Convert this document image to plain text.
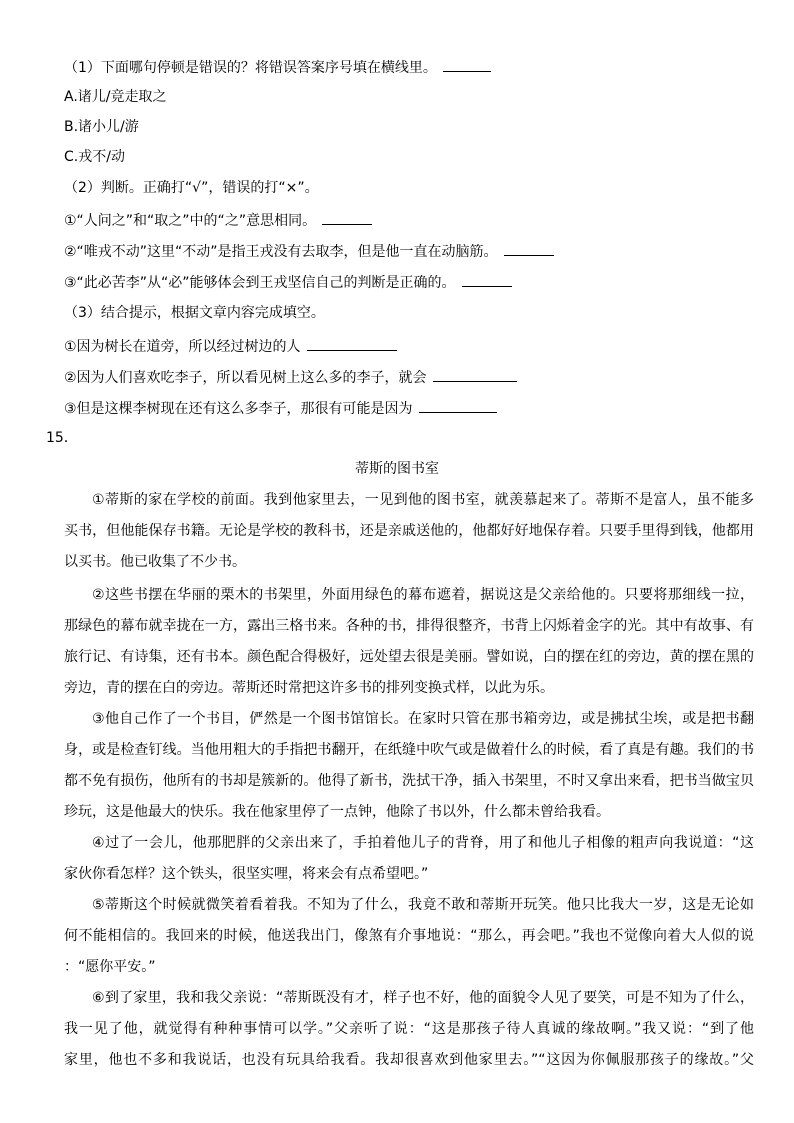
（1）下面哪句停顿是错误的？将错误答案序号填在横线里。
A.诸儿/竞走取之
B.诸小儿/游
C.戎不/动
（2）判断。正确打“√”，错误的打“×”。
①“人问之”和“取之”中的“之”意思相同。
②“唯戎不动”这里“不动”是指王戎没有去取李，但是他一直在动脑筋。
③“此必苦李”从“必”能够体会到王戎坚信自己的判断是正确的。
（3）结合提示，根据文章内容完成填空。
①因为树长在道旁，所以经过树边的人
②因为人们喜欢吃李子，所以看见树上这么多的李子，就会
③但是这棵李树现在还有这么多李子，那很有可能是因为
15．
蒂斯的图书室
①蒂斯的家在学校的前面。我到他家里去，一见到他的图书室，就羡慕起来了。蒂斯不是富人，虽不能多
买书，但他能保存书籍。无论是学校的教科书，还是亲戚送他的，他都好好地保存着。只要手里得到钱，他都用
以买书。他已收集了不少书。
②这些书摆在华丽的栗木的书架里，外面用绿色的幕布遮着，据说这是父亲给他的。只要将那细线一拉，
那绿色的幕布就幸拢在一方，露出三格书来。各种的书，排得很整齐，书背上闪烁着金字的光。其中有故事、有
旅行记、有诗集，还有书本。颜色配合得极好，远处望去很是美丽。譬如说，白的摆在红的旁边，黄的摆在黑的
旁边，青的摆在白的旁边。蒂斯还时常把这许多书的排列变换式样，以此为乐。
③他自己作了一个书目，俨然是一个图书馆馆长。在家时只管在那书箱旁边，或是拂拭尘埃，或是把书翻
身，或是检查钉线。当他用粗大的手指把书翻开，在纸缝中吹气或是做着什么的时候，看了真是有趣。我们的书
都不免有损伤，他所有的书却是簇新的。他得了新书，洗拭干净，插入书架里，不时又拿出来看，把书当做宝贝
珍玩，这是他最大的快乐。我在他家里停了一点钟，他除了书以外，什么都未曾给我看。
④过了一会儿，他那肥胖的父亲出来了，手拍着他儿子的背脊，用了和他儿子相像的粗声向我说道：“这
家伙你看怎样？这个铁头，很坚实哩，将来会有点希望吧。”
⑤蒂斯这个时候就微笑着看着我。不知为了什么，我竟不敢和蒂斯开玩笑。他只比我大一岁，这是无论如
何不能相信的。我回来的时候，他送我出门，像煞有介事地说：“那么，再会吧。”我也不觉像向着大人似的说
：“愿你平安。”
⑥到了家里，我和我父亲说：“蒂斯既没有才，样子也不好，他的面貌令人见了要笑，可是不知为了什么，
我一见了他，就觉得有种种事情可以学。”父亲听了说：“这是那孩子待人真诚的缘故啊。”我又说：“到了他
家里，他也不多和我说话，也没有玩具给我看。我却很喜欢到他家里去。”“这因为你佩服那孩子的缘故。”父
